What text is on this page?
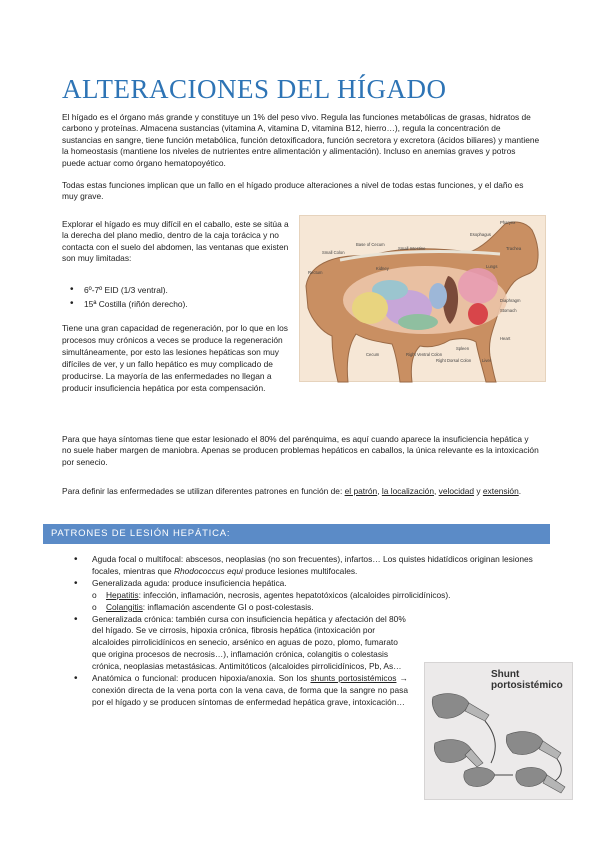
ALTERACIONES DEL HÍGADO

El hígado es el órgano más grande y constituye un 1% del peso vivo. Regula las funciones metabólicas de grasas, hidratos de carbono y proteínas. Almacena sustancias (vitamina A, vitamina D, vitamina B12, hierro…), regula la concentración de sustancias en sangre, tiene función metabólica, función detoxificadora, función secretora y excretora (ácidos biliares) y mantiene la homeostasis (mantiene los niveles de nutrientes entre alimentación y alimentación). Incluso en anemias graves y potros puede actuar como órgano hematopoyético.

Todas estas funciones implican que un fallo en el hígado produce alteraciones a nivel de todas estas funciones, y el daño es muy grave.

Explorar el hígado es muy difícil en el caballo, este se sitúa a la derecha del plano medio, dentro de la caja torácica y no contacta con el suelo del abdomen, las ventanas que existen son muy limitadas:

• 6º-7º EID (1/3 ventral).
• 15ª Costilla (riñón derecho).

Tiene una gran capacidad de regeneración, por lo que en los procesos muy crónicos a veces se produce la regeneración simultáneamente, por esto las lesiones hepáticas son muy difíciles de ver, y un fallo hepático es muy complicado de producirse. La mayoría de las enfermedades no llegan a producir insuficiencia hepática por esta compensación.

Pharynx
Esophagus
Trachea
Lungs
Small Colon
Base of Cecum
Small Intestine
Rectum
Kidney
Diaphragm
Stomach
Liver
Heart
Cecum	Right Ventral Colon
Right Dorsal Colon
Spleen

Para que haya síntomas tiene que estar lesionado el 80% del parénquima, es aquí cuando aparece la insuficiencia hepática y no suele haber margen de maniobra. Apenas se producen problemas hepáticos en caballos, la única relevante es la intoxicación por senecio.

Para definir las enfermedades se utilizan diferentes patrones en función de: el patrón, la localización, velocidad y extensión.

PATRONES DE LESIÓN HEPÁTICA:
• Aguda focal o multifocal: abscesos, neoplasias (no son frecuentes), infartos… Los quistes hidatídicos originan lesiones focales, mientras que Rhodococcus equi produce lesiones multifocales.
• Generalizada aguda: produce insuficiencia hepática.
o Hepatitis: infección, inflamación, necrosis, agentes hepatotóxicos (alcaloides pirrolicidínicos).
o Colangitis: inflamación ascendente GI o post-colestasis.
• Generalizada crónica: también cursa con insuficiencia hepática y afectación del 80% del hígado. Se ve cirrosis, hipoxia crónica, fibrosis hepática (intoxicación por alcaloides pirrolicidínicos en senecio, arsénico en aguas de pozo, plomo, fumarato que origina procesos de necrosis…), inflamación crónica, colangitis o colestasis crónica, neoplasias metastásicas. Antimitóticos (alcaloides pirrolicidínicos, Pb, As…
• Anatómica o funcional: producen hipoxia/anoxia. Son los shunts portosistémicos → conexión directa de la vena porta con la vena cava, de forma que la sangre no pasa por el hígado y se producen síntomas de enfermedad hepática grave, intoxicación…
Shunt
portosistémico
